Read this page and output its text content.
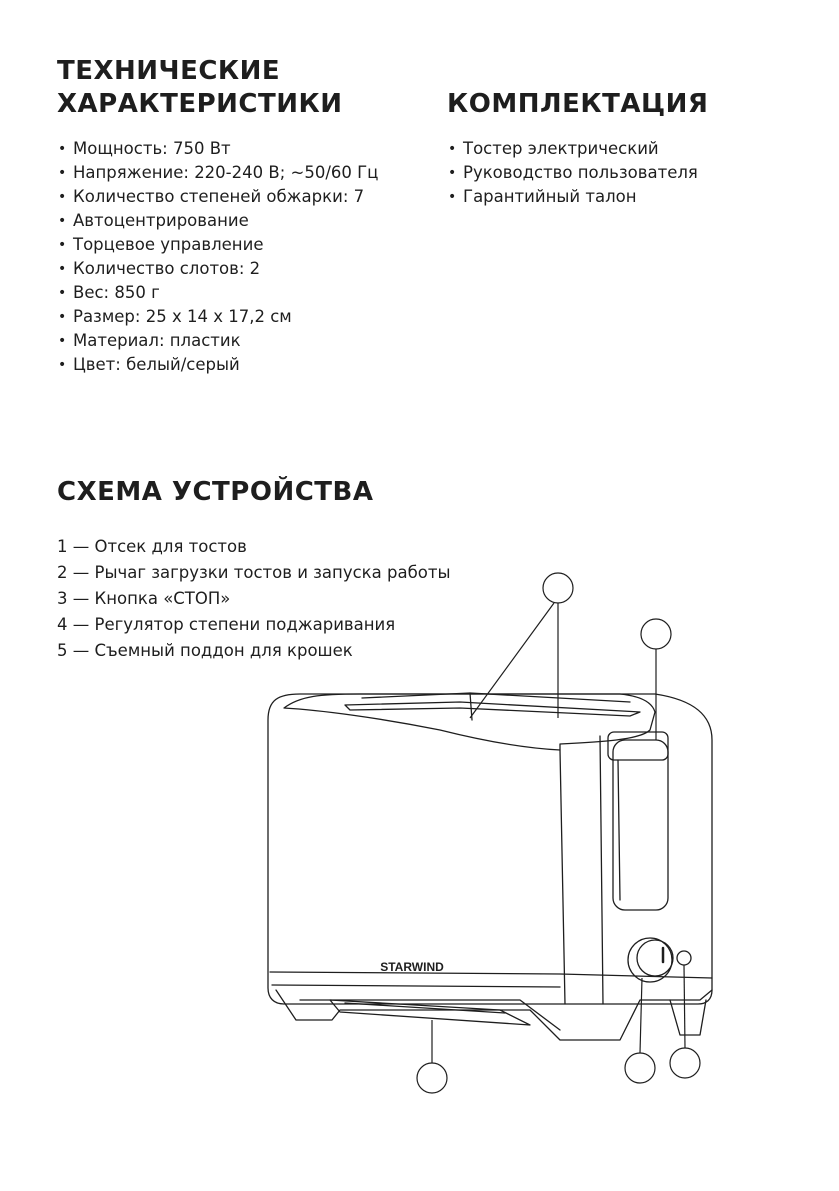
ТЕХНИЧЕСКИЕ
ХАРАКТЕРИСТИКИ
• Мощность: 750 Вт
• Напряжение: 220-240 В; ~50/60 Гц
• Количество степеней обжарки: 7
• Автоцентрирование
• Торцевое управление
• Количество слотов: 2
• Вес: 850 г
• Размер: 25 х 14 х 17,2 см
• Материал: пластик
• Цвет: белый/серый
КОМПЛЕКТАЦИЯ
• Тостер электрический
• Руководство пользователя
• Гарантийный талон
СХЕМА УСТРОЙСТВА
1 — Отсек для тостов
2 — Рычаг загрузки тостов и запуска работы
3 — Кнопка «СТОП»
4 — Регулятор степени поджаривания
5 — Съемный поддон для крошек
STARWIND
